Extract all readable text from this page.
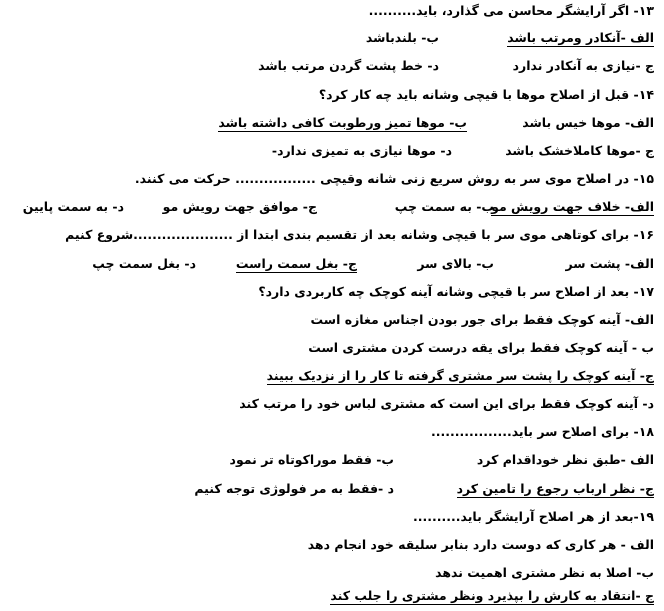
۱۳- اگر آرایشگر محاسن می گذارد، باید..........
الف -آنکادر ومرتب باشد
ب- بلندباشد
ج -نیازی به آنکادر ندارد
د- خط پشت گردن مرتب باشد
۱۴- قبل از اصلاح موها با قیچی وشانه باید چه کار کرد؟
الف- موها خیس باشد
ب- موها تمیز ورطوبت کافی داشته باشد
ج -موها کاملاخشک باشد
د- موها نیازی به تمیزی ندارد-
۱۵- در اصلاح موی سر به روش سریع زنی شانه وقیچی ................. حرکت می کنند.
الف- خلاف جهت رویش مو
ب- به سمت چپ
ج- موافق جهت رویش مو
د- به سمت پایین
۱۶- برای کوتاهی موی سر با قیچی وشانه بعد از تقسیم بندی ابتدا از .....................شروع کنیم
الف- پشت سر
ب- بالای سر
ج- بغل سمت راست
د- بغل سمت چپ
۱۷- بعد از اصلاح سر با قیچی وشانه آینه کوچک چه کاربردی دارد؟
الف- آینه کوچک فقط برای جور بودن اجناس مغازه است
ب - آینه کوچک فقط برای یقه درست کردن مشتری است
ج- آینه کوچک را پشت سر مشتری گرفته تا کار را از نزدیک ببیند
د- آینه کوچک فقط برای این است که مشتری لباس خود را مرتب کند
۱۸- برای اصلاح سر باید.................
الف -طبق نظر خوداقدام کرد
ب- فقط موراکوتاه تر نمود
ج- نظر ارباب رجوع را تامین کرد
د -فقط به مر فولوژی توجه کنیم
۱۹-بعد از هر اصلاح آرایشگر باید..........
الف - هر کاری که دوست دارد بنابر سلیقه خود انجام دهد
ب- اصلا به نظر مشتری اهمیت ندهد
ج -انتقاد به کارش را بپذیرد ونظر مشتری را جلب کند
